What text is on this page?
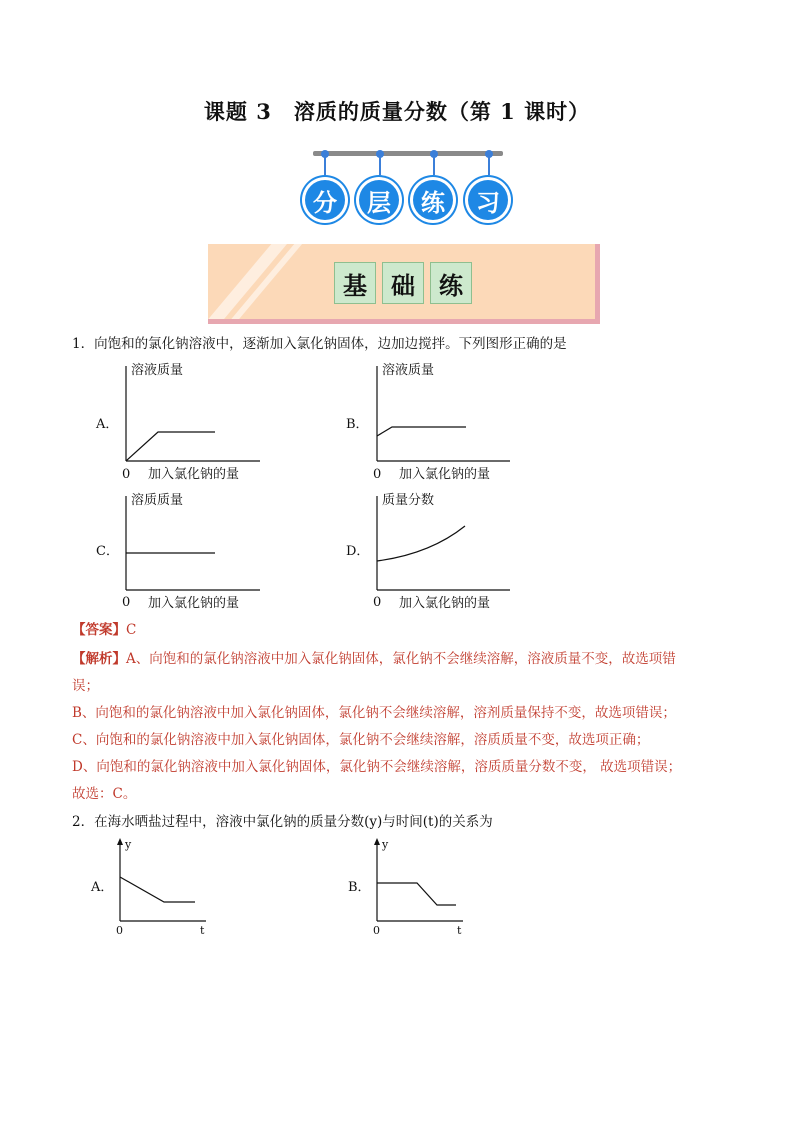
课题 3　溶质的质量分数（第 1 课时）
分	层	练	习
基	础	练
1．向饱和的氯化钠溶液中，逐渐加入氯化钠固体，边加边搅拌。下列图形正确的是
A．
溶液质量
0 加入氯化钠的量
B．
溶液质量
0 加入氯化钠的量
C．
溶质质量
0 加入氯化钠的量
D．
质量分数
0 加入氯化钠的量
【答案】C
【解析】A、向饱和的氯化钠溶液中加入氯化钠固体，氯化钠不会继续溶解，溶液质量不变，故选项错
误；
B、向饱和的氯化钠溶液中加入氯化钠固体，氯化钠不会继续溶解，溶剂质量保持不变，故选项错误；
C、向饱和的氯化钠溶液中加入氯化钠固体，氯化钠不会继续溶解，溶质质量不变，故选项正确；
D、向饱和的氯化钠溶液中加入氯化钠固体，氯化钠不会继续溶解，溶质质量分数不变， 故选项错误；
故选：C。
2．在海水晒盐过程中，溶液中氯化钠的质量分数(y)与时间(t)的关系为
A．
y
0	t
B．
y
0	t
